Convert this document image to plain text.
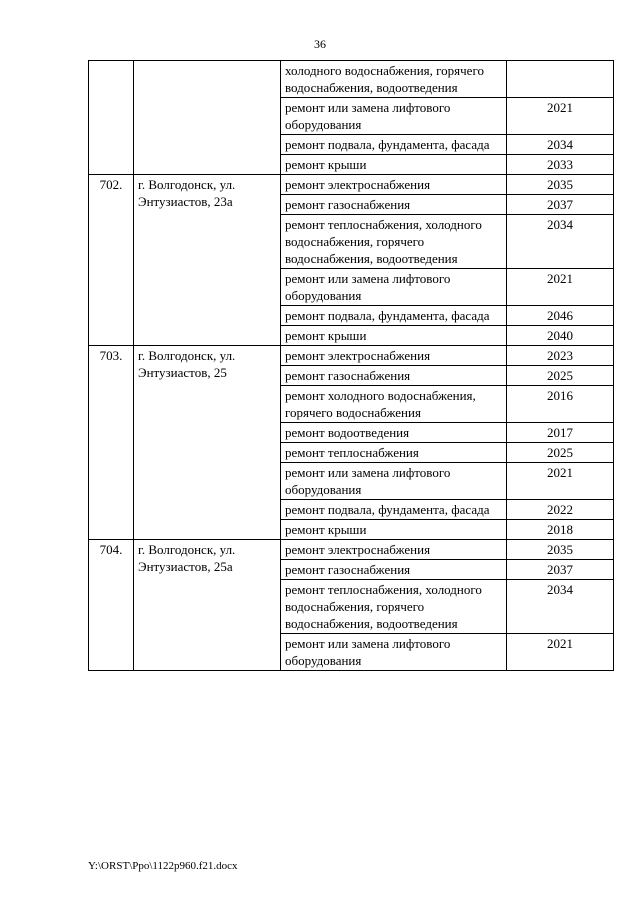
36
		холодного водоснабжения, горячего водоснабжения, водоотведения	
		ремонт или замена лифтового оборудования	2021
		ремонт подвала, фундамента, фасада	2034
		ремонт крыши	2033
702.	г. Волгодонск, ул. Энтузиастов, 23а	ремонт электроснабжения	2035
		ремонт газоснабжения	2037
		ремонт теплоснабжения, холодного водоснабжения, горячего водоснабжения, водоотведения	2034
		ремонт или замена лифтового оборудования	2021
		ремонт подвала, фундамента, фасада	2046
		ремонт крыши	2040
703.	г. Волгодонск, ул. Энтузиастов, 25	ремонт электроснабжения	2023
		ремонт газоснабжения	2025
		ремонт холодного водоснабжения, горячего водоснабжения	2016
		ремонт водоотведения	2017
		ремонт теплоснабжения	2025
		ремонт или замена лифтового оборудования	2021
		ремонт подвала, фундамента, фасада	2022
		ремонт крыши	2018
704.	г. Волгодонск, ул. Энтузиастов, 25а	ремонт электроснабжения	2035
		ремонт газоснабжения	2037
		ремонт теплоснабжения, холодного водоснабжения, горячего водоснабжения, водоотведения	2034
		ремонт или замена лифтового оборудования	2021
Y:\ORST\Ppo\1122p960.f21.docx
